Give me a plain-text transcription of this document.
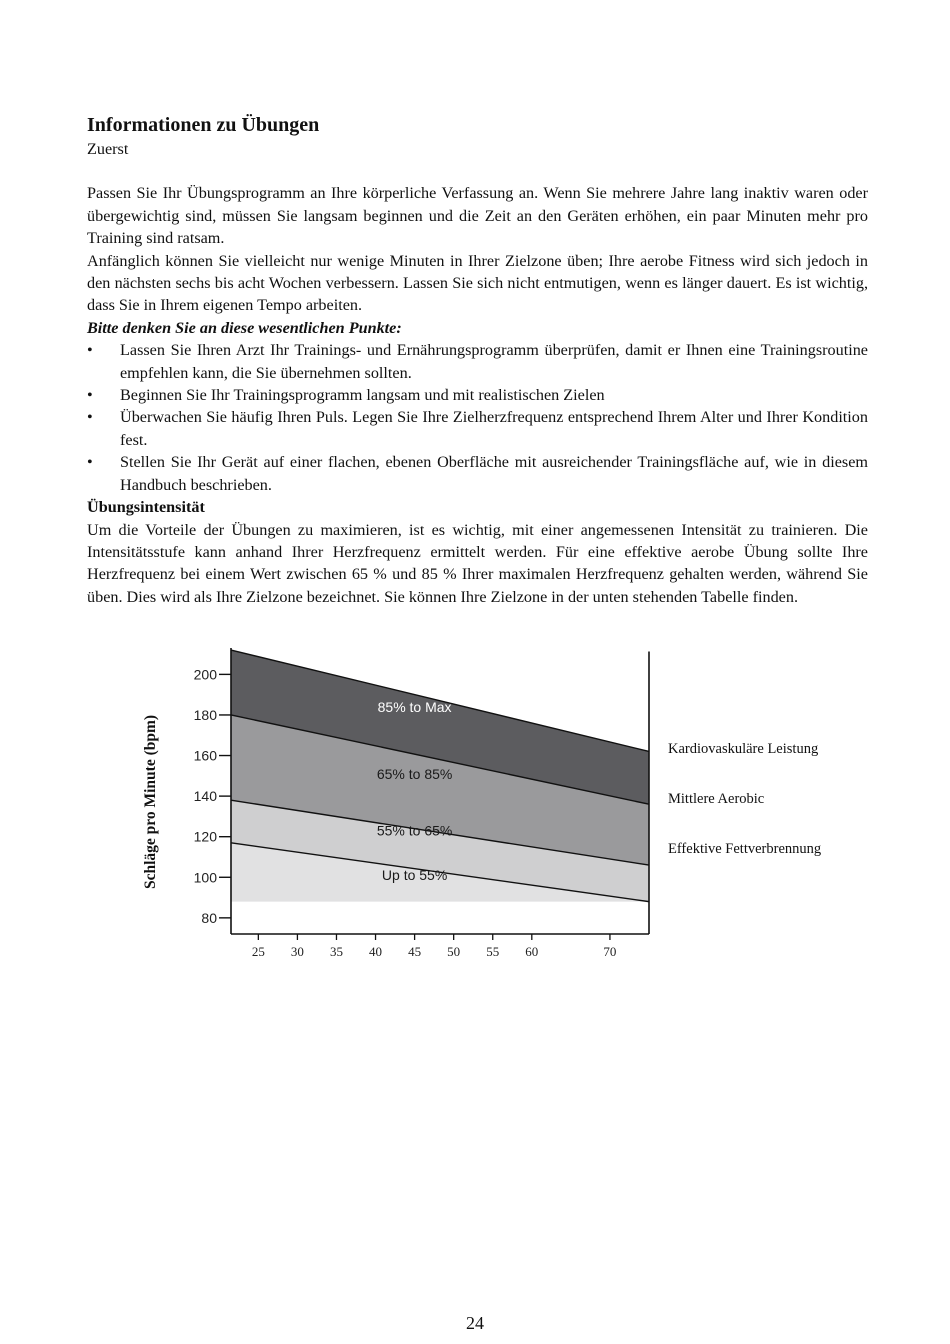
Informationen zu Übungen

Zuerst

Passen Sie Ihr Übungsprogramm an Ihre körperliche Verfassung an. Wenn Sie mehrere Jahre lang inaktiv waren oder übergewichtig sind, müssen Sie langsam beginnen und die Zeit an den Geräten erhöhen, ein paar Minuten mehr pro Training sind ratsam.

Anfänglich können Sie vielleicht nur wenige Minuten in Ihrer Zielzone üben; Ihre aerobe Fitness wird sich jedoch in den nächsten sechs bis acht Wochen verbessern. Lassen Sie sich nicht entmutigen, wenn es länger dauert. Es ist wichtig, dass Sie in Ihrem eigenen Tempo arbeiten.

Bitte denken Sie an diese wesentlichen Punkte:

• Lassen Sie Ihren Arzt Ihr Trainings- und Ernährungsprogramm überprüfen, damit er Ihnen eine Trainingsroutine empfehlen kann, die Sie übernehmen sollten.
• Beginnen Sie Ihr Trainingsprogramm langsam und mit realistischen Zielen
• Überwachen Sie häufig Ihren Puls. Legen Sie Ihre Zielherzfrequenz entsprechend Ihrem Alter und Ihrer Kondition fest.
• Stellen Sie Ihr Gerät auf einer flachen, ebenen Oberfläche mit ausreichender Trainingsfläche auf, wie in diesem Handbuch beschrieben.

Übungsintensität

Um die Vorteile der Übungen zu maximieren, ist es wichtig, mit einer angemessenen Intensität zu trainieren. Die Intensitätsstufe kann anhand Ihrer Herzfrequenz ermittelt werden. Für eine effektive aerobe Übung sollte Ihre Herzfrequenz bei einem Wert zwischen 65 % und 85 % Ihrer maximalen Herzfrequenz gehalten werden, während Sie üben. Dies wird als Ihre Zielzone bezeichnet. Sie können Ihre Zielzone in der unten stehenden Tabelle finden.

85% to Max
65% to 85%
55% to 65%
Up to 55%
80
100
120
140
160
180
200
25 30 35 40 45 50 55 60	70
Schläge pro Minute (bpm)	Kardiovaskuläre Leistung
Mittlere Aerobic
Effektive Fettverbrennung
24
